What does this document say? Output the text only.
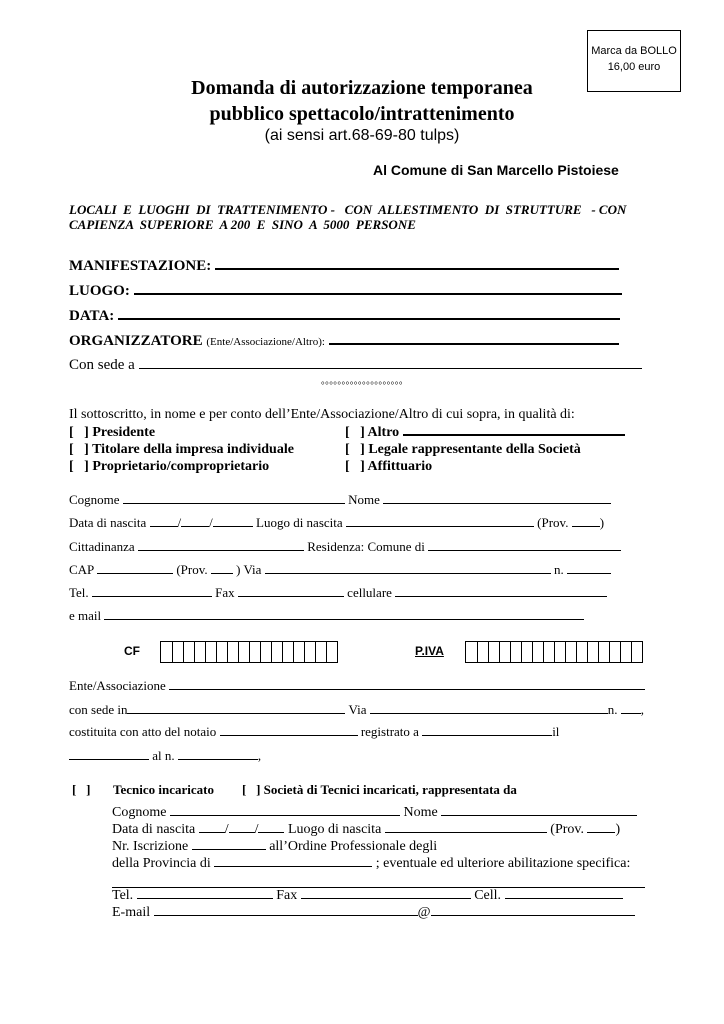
Marca da BOLLO
16,00 euro
Domanda di autorizzazione temporanea
pubblico spettacolo/intrattenimento
(ai sensi art.68-69-80 tulps)
Al Comune di San Marcello Pistoiese
LOCALI  E  LUOGHI  DI  TRATTENIMENTO -   CON  ALLESTIMENTO  DI  STRUTTURE   - CON
CAPIENZA  SUPERIORE  A 200  E  SINO  A  5000  PERSONE
MANIFESTAZIONE:
LUOGO:
DATA:
ORGANIZZATORE (Ente/Associazione/Altro):
Con sede a
°°°°°°°°°°°°°°°°°°°°
Il sottoscritto, in nome e per conto dell’Ente/Associazione/Altro di cui sopra, in qualità di:
[   ] Presidente
[   ] Titolare della impresa individuale
[   ] Proprietario/comproprietario
[   ] Altro
[   ] Legale rappresentante della Società
[   ] Affittuario
Cognome	Nome
Data di nascita / /	Luogo di nascita	(Prov. )
Cittadinanza	Residenza: Comune di
CAP	(Prov. ) Via	n.
Tel.	Fax	cellulare
e mail
CF	P.IVA
Ente/Associazione
con sede in	Via	n. ,
costituita con atto del notaio	registrato a	il
al n.	,
[   ] Tecnico incaricato [   ] Società di Tecnici incaricati, rappresentata da
Cognome	Nome
Data di nascita / / Luogo di nascita	(Prov. )
Nr. Iscrizione	all’Ordine Professionale degli
della Provincia di	; eventuale ed ulteriore abilitazione specifica:
Tel.	Fax	Cell.
E-mail	@
